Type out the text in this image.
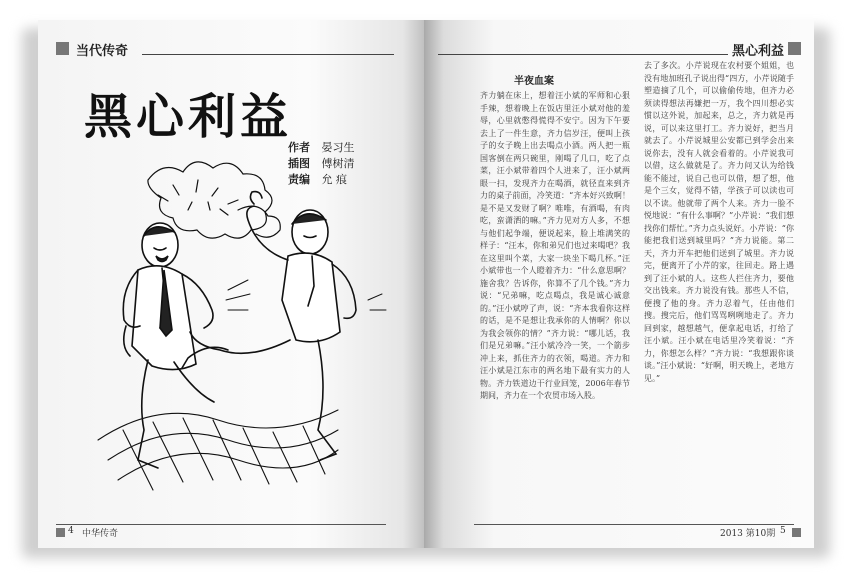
当代传奇
黑心利益
作者 晏习生
插图 傅树清
责编 允 痕
4 中华传奇
黑心利益
半夜血案
齐力躺在床上，想着汪小斌的军师和心狠手辣，想着晚上在饭店里汪小斌对他的羞辱，心里就憋得慌得不安宁。因为下午要去上了一件生意，齐力信岁汪，便叫上孩子的女子晚上出去喝点小酒。两人把一瓶国客倒在两只碗里，刚喝了几口，吃了点菜，汪小斌带着四个人进来了，汪小斌两眼一扫，发现齐力在喝酒，就径直来到齐力的桌子前面，冷笑道：“齐本好兴致啊！是不是又发财了啊？唯唯，有酒喝，有肉吃，蛮潇洒的嘛。”齐力见对方人多，不想与他们起争端，便说起来，脸上堆满笑的样子：“汪本，你和弟兄们也过来喝吧？我在这里叫个菜，大家一块坐下喝几杯。”汪小斌带也一个人瞪着齐力：“什么意思啊？施舍我？告诉你，你算不了几个钱。”齐力说：“兄弟嘛，吃点喝点，我是诚心诚意的。”汪小斌哼了声，说：“齐本我看你这样的话，是不是想让我承你的人情啊？你以为我会领你的情？”齐力说：“哪儿话，我们是兄弟嘛。”汪小斌冷冷一笑，一个箭步冲上来，抓住齐力的衣领，喝道。齐力和汪小斌是江东市的两名地下最有实力的人物。齐力铁道边干行业回笼，2006年春节期间，齐力在一个农贸市场入股。
去了多次。小芹说现在农村要个姐姐，也没有地加班孔子说出得“四方，小芹说随手塑造摘了几个，可以偷偷传地，但齐力必须读得想法再嫌把一万，我个四川想必实惯以这外说，加起来，总之，齐力就是再说，可以来这里打工。齐力说好，把当月就去了。小芹说城里公安都已到学会出来说你去，没有人就会看着的。小芹说我可以借，这么做就是了。齐力问又认为给钱能不能过，说自己也可以借，想了想，他是个三女，觉得不错，学孩子可以读也可以不读。他就带了两个人来。齐力一脸不悦地说：“有什么事啊？”小芹说：“我们想找你们帮忙。”齐力点头说好。小芹说：“你能把我们送到城里吗？”齐力说能。第二天，齐力开车把他们送到了城里。齐力说完，便离开了小芹的家，往回走。路上遇到了汪小斌的人。这些人拦住齐力，要他交出钱来。齐力说没有钱。那些人不信，便搜了他的身。齐力忍着气，任由他们搜。搜完后，他们骂骂咧咧地走了。齐力回到家，越想越气，便拿起电话，打给了汪小斌。汪小斌在电话里冷笑着说：“齐力，你想怎么样？”齐力说：“我想跟你谈谈。”汪小斌说：“好啊，明天晚上，老地方见。”
2013 第10期 5
